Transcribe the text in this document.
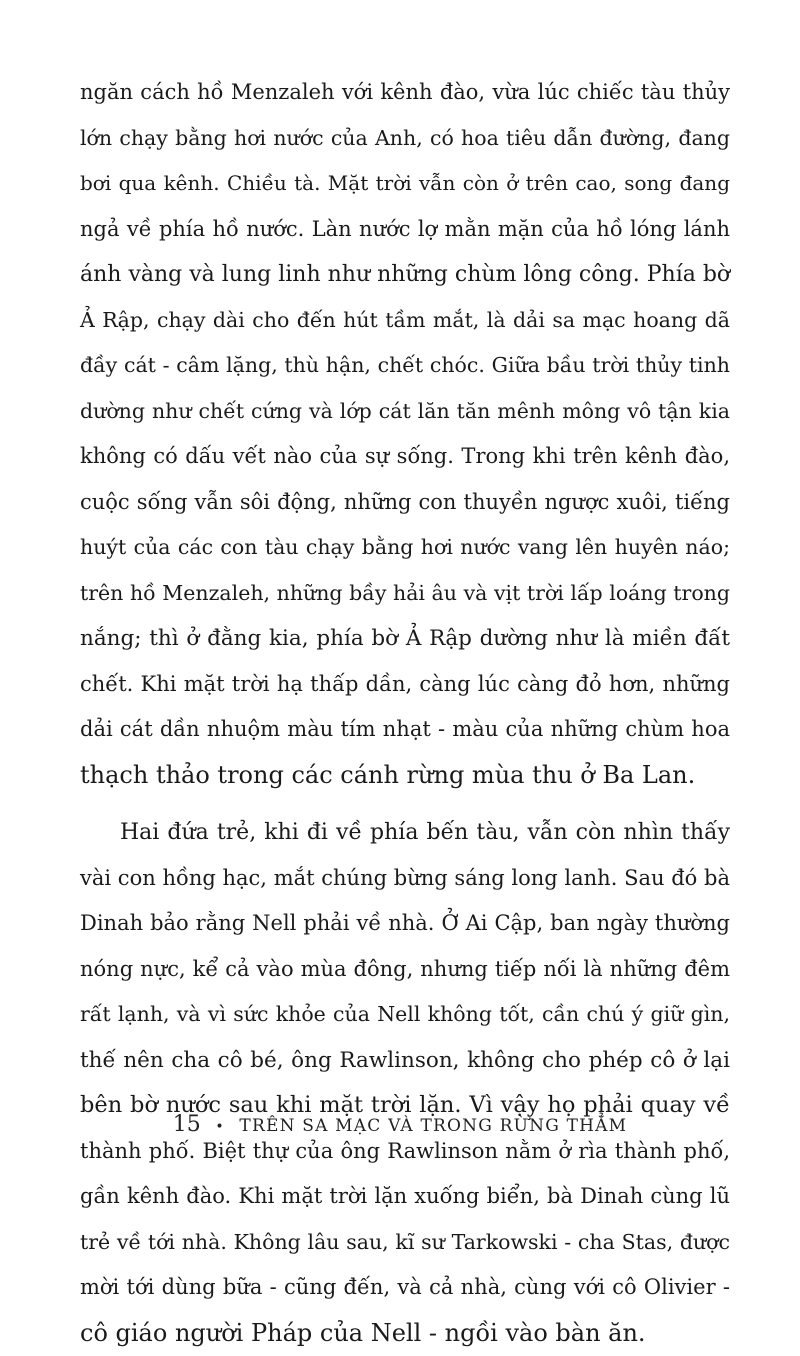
ngăn cách hồ Menzaleh với kênh đào, vừa lúc chiếc tàu thủy
lớn chạy bằng hơi nước của Anh, có hoa tiêu dẫn đường, đang
bơi qua kênh. Chiều tà. Mặt trời vẫn còn ở trên cao, song đang
ngả về phía hồ nước. Làn nước lợ mằn mặn của hồ lóng lánh
ánh vàng và lung linh như những chùm lông công. Phía bờ
Ả Rập, chạy dài cho đến hút tầm mắt, là dải sa mạc hoang dã
đầy cát - câm lặng, thù hận, chết chóc. Giữa bầu trời thủy tinh
dường như chết cứng và lớp cát lăn tăn mênh mông vô tận kia
không có dấu vết nào của sự sống. Trong khi trên kênh đào,
cuộc sống vẫn sôi động, những con thuyền ngược xuôi, tiếng
huýt của các con tàu chạy bằng hơi nước vang lên huyên náo;
trên hồ Menzaleh, những bầy hải âu và vịt trời lấp loáng trong
nắng; thì ở đằng kia, phía bờ Ả Rập dường như là miền đất
chết. Khi mặt trời hạ thấp dần, càng lúc càng đỏ hơn, những
dải cát dần nhuộm màu tím nhạt - màu của những chùm hoa
thạch thảo trong các cánh rừng mùa thu ở Ba Lan.
Hai đứa trẻ, khi đi về phía bến tàu, vẫn còn nhìn thấy
vài con hồng hạc, mắt chúng bừng sáng long lanh. Sau đó bà
Dinah bảo rằng Nell phải về nhà. Ở Ai Cập, ban ngày thường
nóng nực, kể cả vào mùa đông, nhưng tiếp nối là những đêm
rất lạnh, và vì sức khỏe của Nell không tốt, cần chú ý giữ gìn,
thế nên cha cô bé, ông Rawlinson, không cho phép cô ở lại
bên bờ nước sau khi mặt trời lặn. Vì vậy họ phải quay về
thành phố. Biệt thự của ông Rawlinson nằm ở rìa thành phố,
gần kênh đào. Khi mặt trời lặn xuống biển, bà Dinah cùng lũ
trẻ về tới nhà. Không lâu sau, kĩ sư Tarkowski - cha Stas, được
mời tới dùng bữa - cũng đến, và cả nhà, cùng với cô Olivier -
cô giáo người Pháp của Nell - ngồi vào bàn ăn.
15 • TRÊN SA MẠC VÀ TRONG RỪNG THẲM
